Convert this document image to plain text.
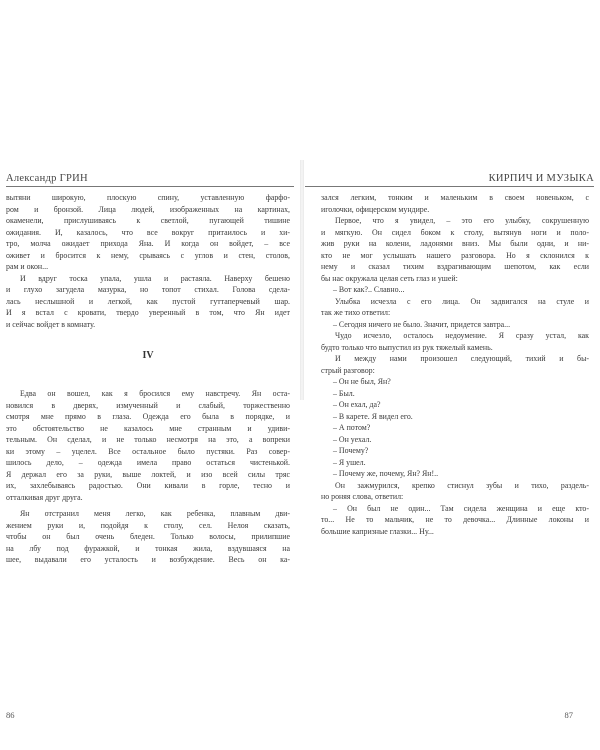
Александр ГРИН
вытяни широкую, плоскую спину, уставленную фарфо-
ром и бронзой. Лица людей, изображенных на картинах,
окаменели, прислушиваясь к светлой, пугающей тишине
ожидания. И, казалось, что все вокруг притаилось и хи-
тро, молча ожидает прихода Яна. И когда он войдет, – все
оживет и бросится к нему, срываясь с углов и стен, столов,
рам и окон...
И вдруг тоска упала, ушла и растаяла. Наверху бешено
и глухо загудела мазурка, но топот стихал. Голова сдела-
лась неслышной и легкой, как пустой гуттаперчевый шар.
И я встал с кровати, твердо уверенный в том, что Ян идет
и сейчас войдет в комнату.
IV
Едва он вошел, как я бросился ему навстречу. Ян оста-
новился в дверях, измученный и слабый, торжественно
смотря мне прямо в глаза. Одежда его была в порядке, и
это обстоятельство не казалось мне странным и удиви-
тельным. Он сделал, и не только несмотря на это, а вопреки
ки этому – уцелел. Все остальное было пустяки. Раз совер-
шилось дело, – одежда имела право остаться чистенькой.
Я держал его за руки, выше локтей, и изо всей силы тряс
их, захлебываясь радостью. Они кивали в горле, тесно и
отталкивая друг друга.
Ян отстранил меня легко, как ребенка, плавным дви-
жением руки и, подойдя к столу, сел. Нелоя сказать,
чтобы он был очень бледен. Только волосы, прилипшие
на лбу под фуражкой, и тонкая жила, вздувшаяся на
шее, выдавали его усталость и возбуждение. Весь он ка-
86
КИРПИЧ И МУЗЫКА
зался легким, тонким и маленьким в своем новеньком, с
иголочки, офицерском мундире.
Первое, что я увидел, – это его улыбку, сокрушенную
и мягкую. Он сидел боком к столу, вытянув ноги и поло-
жив руки на колени, ладонями вниз. Мы были одни, и ни-
кто не мог услышать нашего разговора. Но я склонился к
нему и сказал тихим вздрагивающим шепотом, как если
бы нас окружала целая сеть глаз и ушей:
– Вот как?.. Славно...
Улыбка исчезла с его лица. Он задвигался на стуле и
так же тихо ответил:
– Сегодня ничего не было. Значит, придется завтра...
Чудо исчезло, осталось недоумение. Я сразу устал, как
будто только что выпустил из рук тяжелый камень.
И между нами произошел следующий, тихий и бы-
стрый разговор:
– Он не был, Ян?
– Был.
– Он ехал, да?
– В карете. Я видел его.
– А потом?
– Он уехал.
– Почему?
– Я ушел.
– Почему же, почему, Ян? Ян!..
Он зажмурился, крепко стиснул зубы и тихо, раздель-
но роняя слова, ответил:
– Он был не один... Там сидела женщина и еще кто-
то... Не то мальчик, не то девочка... Длинные локоны и
большие капризные глазки... Ну...
87
